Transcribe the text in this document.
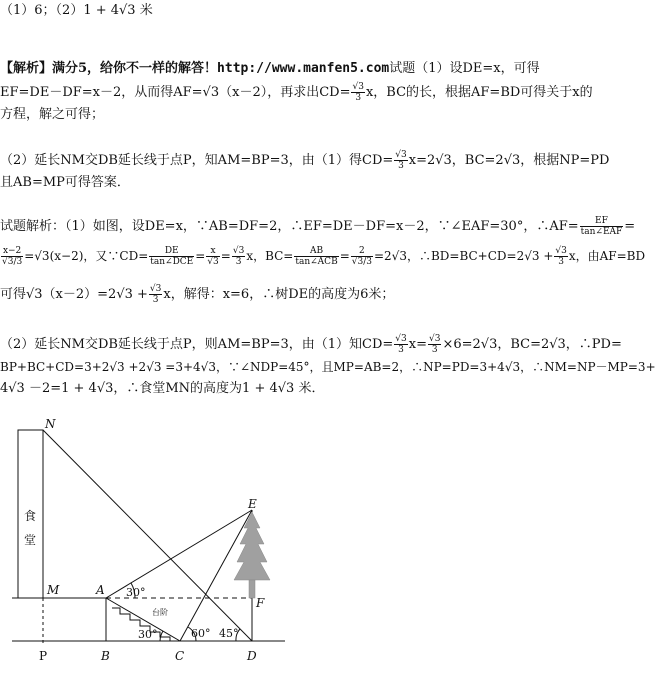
（1）6；（2）1 + 4√3 米
【解析】满分5，给你不一样的解答！http://www.manfen5.com试题（1）设DE=x，可得
EF=DE－DF=x－2，从而得AF=√3（x－2），再求出$CD= \frac{√3}{3}$ x，BC的长，根据AF=BD可得关于x的
方程，解之可得；
（2）延长NM交DB延长线于点P，知AM=BP=3，由（1）得$CD= \frac{√3}{3} x=2√3$，BC=2√3，根据NP=PD
且AB=MP可得答案．
试题解析：（1）如图，设DE=x，∵AB=DF=2，∴EF=DE－DF=x－2，∵∠EAF=30°，∴AF= $\frac{EF}{\text{tan∠EAF}}$ =
$\frac{x-2}{√3/3} =√3(x-2)$，又∵CD= $\frac{DE}{\text{tan∠DCE}} = \frac{x}{√3} = \frac{√3}{3}$ x，$BC= \frac{AB}{\text{tan∠ACB}} = \frac{2}{√3/3} =2√3$，∴BD=BC+CD=2√3 + $\frac{√3}{3}$ x，由AF=BD
可得$√3(x-2)=2√3 + \frac{√3}{3}$ x，解得：x=6，∴树DE的高度为6米；
（2）延长NM交DB延长线于点P，则AM=BP=3，由（1）知$CD= \frac{√3}{3} x= \frac{√3}{3} \times 6=2√3$，BC=2√3，∴PD=
BP+BC+CD=3+2√3 +2√3 =3+4√3，∵∠NDP=45°，且MP=AB=2，∴NP=PD=3+4√3，∴NM=NP－MP=3+
4√3 －2=1 + 4√3，∴食堂MN的高度为1 + 4√3 米．
N
食
堂
M	A 30°
台阶
30°	60° 45°
E
F
P	B	C	D
